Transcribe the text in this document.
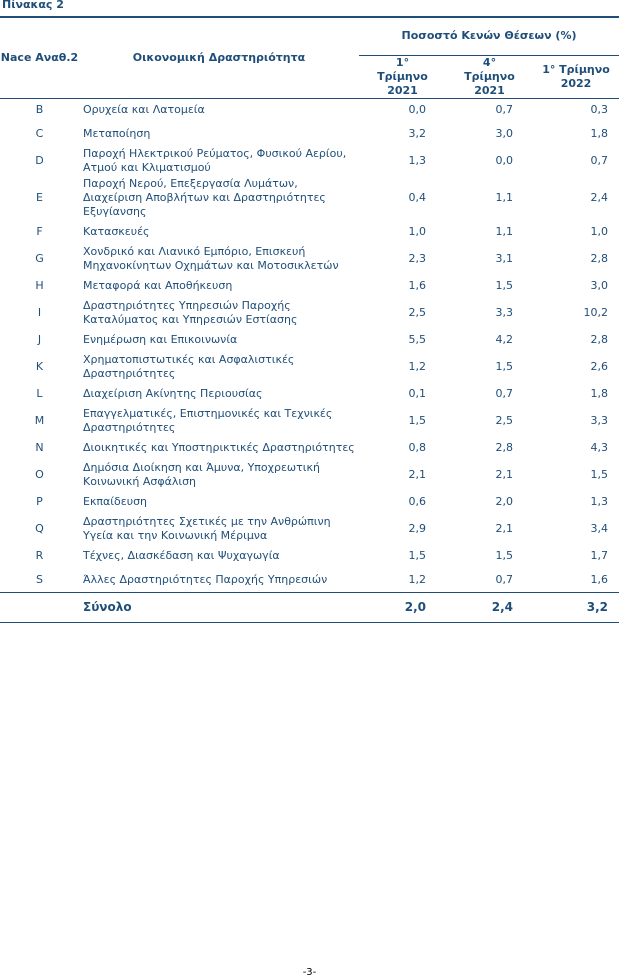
Πίνακας 2
Nace Αναθ.2	Οικονομική Δραστηριότητα	Ποσοστό Κενών Θέσεων (%)		
		1° Τρίμηνο 2021	4° Τρίμηνο 2021	1° Τρίμηνο 2022
B	Ορυχεία και Λατομεία	0,0	0,7	0,3
C	Μεταποίηση	3,2	3,0	1,8
D	Παροχή Ηλεκτρικού Ρεύματος, Φυσικού Αερίου, Ατμού και Κλιματισμού	1,3	0,0	0,7
E	Παροχή Νερού, Επεξεργασία Λυμάτων, Διαχείριση Αποβλήτων και Δραστηριότητες Εξυγίανσης	0,4	1,1	2,4
F	Κατασκευές	1,0	1,1	1,0
G	Χονδρικό και Λιανικό Εμπόριο, Επισκευή Μηχανοκίνητων Οχημάτων και Μοτοσικλετών	2,3	3,1	2,8
H	Μεταφορά και Αποθήκευση	1,6	1,5	3,0
I	Δραστηριότητες Υπηρεσιών Παροχής Καταλύματος και Υπηρεσιών Εστίασης	2,5	3,3	10,2
J	Ενημέρωση και Επικοινωνία	5,5	4,2	2,8
K	Χρηματοπιστωτικές και Ασφαλιστικές Δραστηριότητες	1,2	1,5	2,6
L	Διαχείριση Ακίνητης Περιουσίας	0,1	0,7	1,8
M	Επαγγελματικές, Επιστημονικές και Τεχνικές Δραστηριότητες	1,5	2,5	3,3
N	Διοικητικές και Υποστηρικτικές Δραστηριότητες	0,8	2,8	4,3
O	Δημόσια Διοίκηση και Άμυνα, Υποχρεωτική Κοινωνική Ασφάλιση	2,1	2,1	1,5
P	Εκπαίδευση	0,6	2,0	1,3
Q	Δραστηριότητες Σχετικές με την Ανθρώπινη Υγεία και την Κοινωνική Μέριμνα	2,9	2,1	3,4
R	Τέχνες, Διασκέδαση και Ψυχαγωγία	1,5	1,5	1,7
S	Άλλες Δραστηριότητες Παροχής Υπηρεσιών	1,2	0,7	1,6
	Σύνολο	2,0	2,4	3,2
-3-
